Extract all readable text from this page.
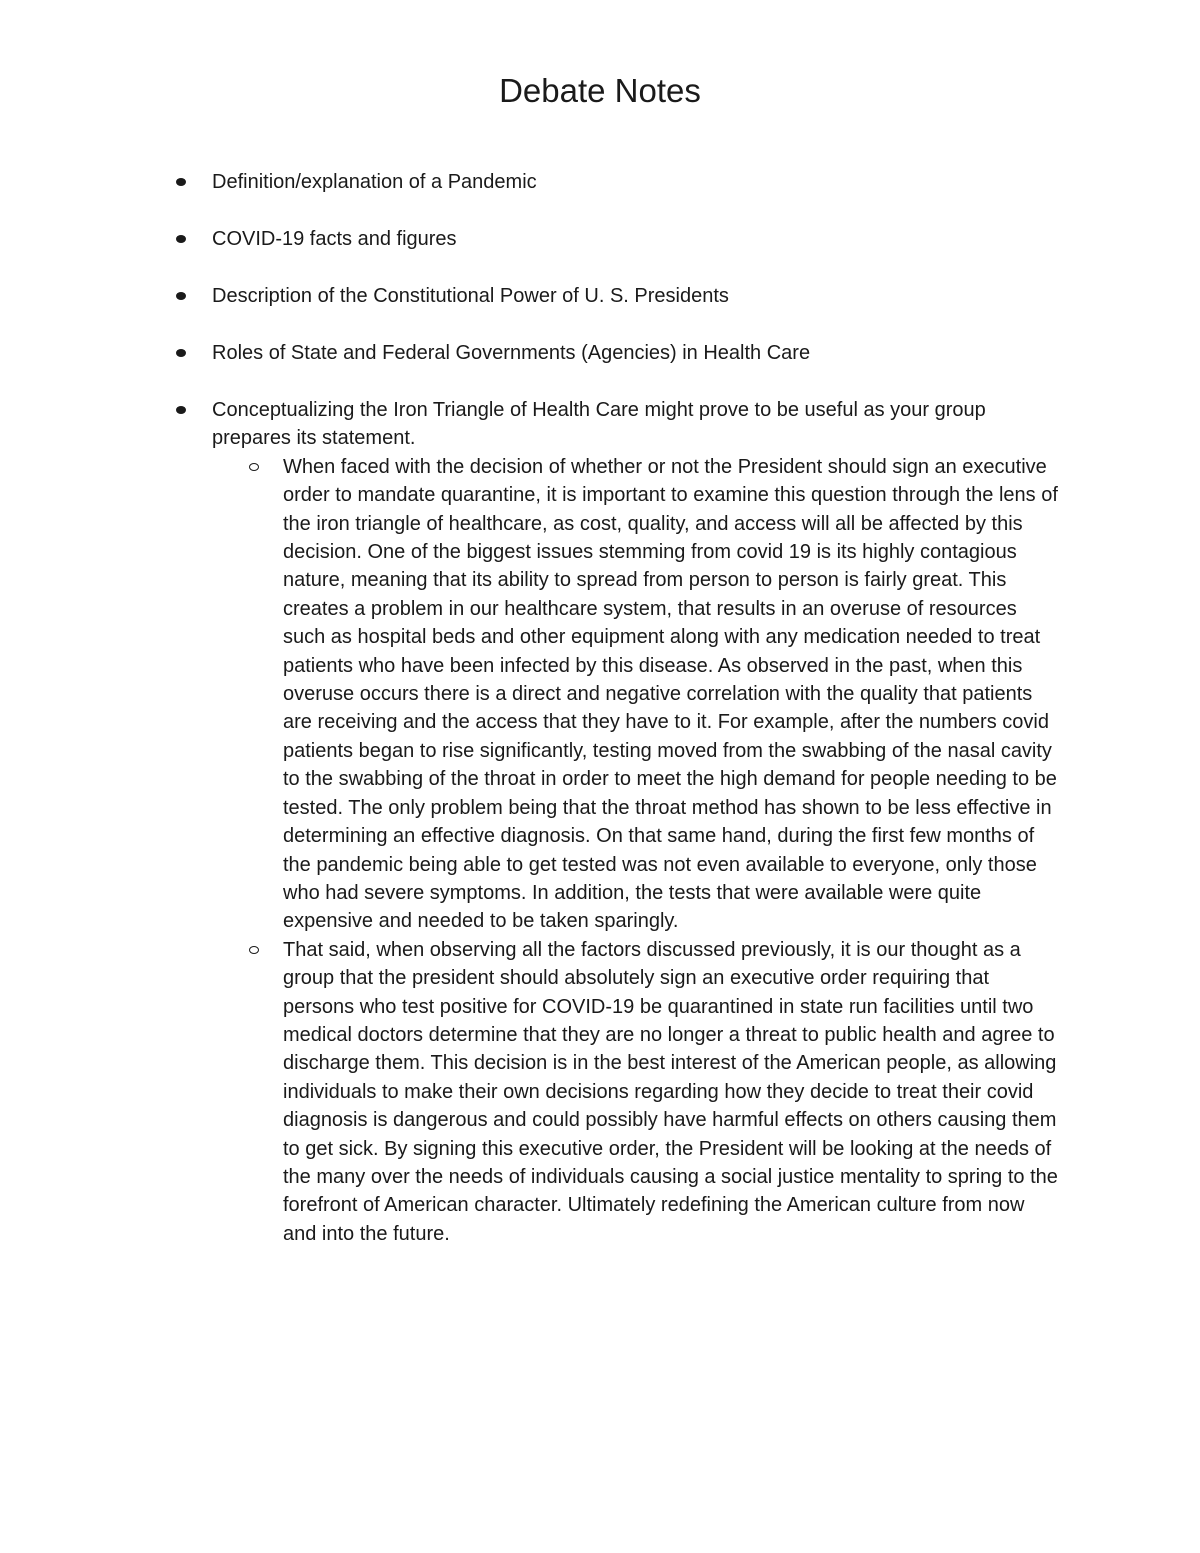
Debate Notes
Definition/explanation of a Pandemic
COVID-19 facts and figures
Description of the Constitutional Power of U. S. Presidents
Roles of State and Federal Governments (Agencies) in Health Care
Conceptualizing the Iron Triangle of Health Care might prove to be useful as your group prepares its statement.
When faced with the decision of whether or not the President should sign an executive order to mandate quarantine, it is important to examine this question through the lens of the iron triangle of healthcare, as cost, quality, and access will all be affected by this decision. One of the biggest issues stemming from covid 19 is its highly contagious nature, meaning that its ability to spread from person to person is fairly great. This creates a problem in our healthcare system, that results in an overuse of resources such as hospital beds and other equipment along with any medication needed to treat patients who have been infected by this disease. As observed in the past, when this overuse occurs there is a direct and negative correlation with the quality that patients are receiving and the access that they have to it. For example, after the numbers covid patients began to rise significantly, testing moved from the swabbing of the nasal cavity to the swabbing of the throat in order to meet the high demand for people needing to be tested. The only problem being that the throat method has shown to be less effective in determining an effective diagnosis. On that same hand, during the first few months of the pandemic being able to get tested was not even available to everyone, only those who had severe symptoms. In addition, the tests that were available were quite expensive and needed to be taken sparingly.
That said, when observing all the factors discussed previously, it is our thought as a group that the president should absolutely sign an executive order requiring that persons who test positive for COVID-19 be quarantined in state run facilities until two medical doctors determine that they are no longer a threat to public health and agree to discharge them. This decision is in the best interest of the American people, as allowing individuals to make their own decisions regarding how they decide to treat their covid diagnosis is dangerous and could possibly have harmful effects on others causing them to get sick. By signing this executive order, the President will be looking at the needs of the many over the needs of individuals causing a social justice mentality to spring to the forefront of American character. Ultimately redefining the American culture from now and into the future.
